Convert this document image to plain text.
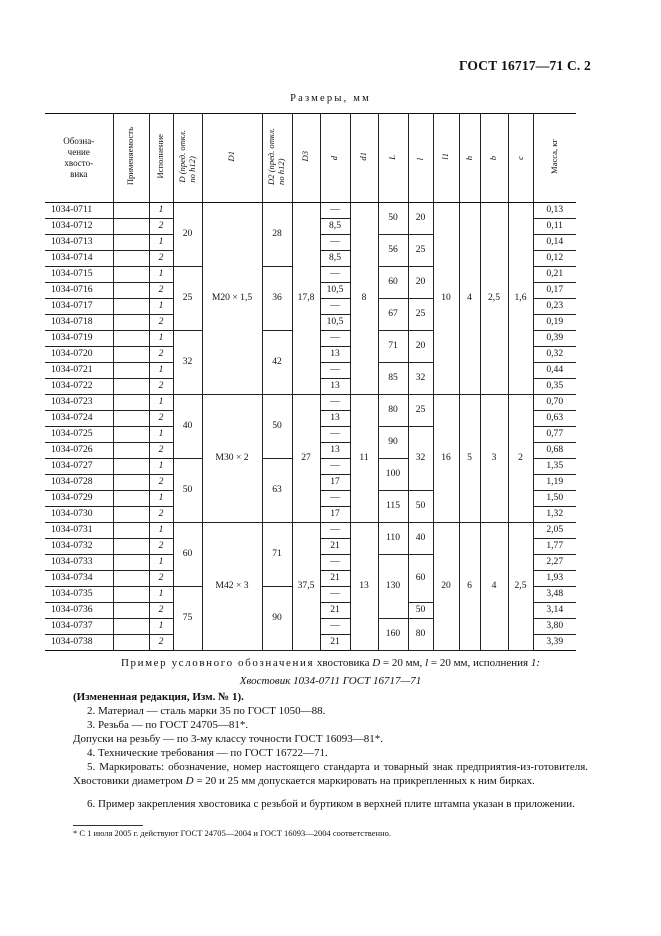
ГОСТ 16717—71 С. 2
Размеры, мм
Обозна-
чение
хвосто-
вика	Применяемость	Исполнение	D (пред. откл.
по h12)	D1	D2 (пред. откл.
по h12)	D3	d	d1	L	l	l1	h	b	c	Масса, кг
1034-0711		1	20	M20 × 1,5	28	17,8	—	8	50	20	10	4	2,5	1,6	0,13
1034-0712		2					8,5								0,11
1034-0713		1					—		56	25					0,14
1034-0714		2					8,5								0,12
1034-0715		1	25		36		—		60	20					0,21
1034-0716		2					10,5								0,17
1034-0717		1					—		67	25					0,23
1034-0718		2					10,5								0,19
1034-0719		1	32		42		—		71	20					0,39
1034-0720		2					13								0,32
1034-0721		1					—		85	32					0,44
1034-0722		2					13								0,35
1034-0723		1	40	M30 × 2	50	27	—	11	80	25	16	5	3	2	0,70
1034-0724		2					13								0,63
1034-0725		1					—		90	32					0,77
1034-0726		2					13								0,68
1034-0727		1	50		63		—		100						1,35
1034-0728		2					17								1,19
1034-0729		1					—		115	50					1,50
1034-0730		2					17								1,32
1034-0731		1	60	M42 × 3	71	37,5	—	13	110	40	20	6	4	2,5	2,05
1034-0732		2					21								1,77
1034-0733		1					—		130	60					2,27
1034-0734		2					21								1,93
1034-0735		1	75		90		—								3,48
1034-0736		2					21			50					3,14
1034-0737		1					—		160	80					3,80
1034-0738		2					21								3,39
Пример условного обозначения хвостовика D = 20 мм, l = 20 мм, исполнения 1:
Хвостовик 1034-0711 ГОСТ 16717—71
(Измененная редакция, Изм. № 1).
2. Материал — сталь марки 35 по ГОСТ 1050—88.
3. Резьба — по ГОСТ 24705—81*.
Допуски на резьбу — по 3-му классу точности ГОСТ 16093—81*.
4. Технические требования — по ГОСТ 16722—71.
5. Маркировать: обозначение, номер настоящего стандарта и товарный знак предприятия-из-готовителя. Хвостовики диаметром D = 20 и 25 мм допускается маркировать на прикрепленных к ним бирках.
6. Пример закрепления хвостовика с резьбой и буртиком в верхней плите штампа указан в приложении.
* С 1 июля 2005 г. действуют ГОСТ 24705—2004 и ГОСТ 16093—2004 соответственно.
